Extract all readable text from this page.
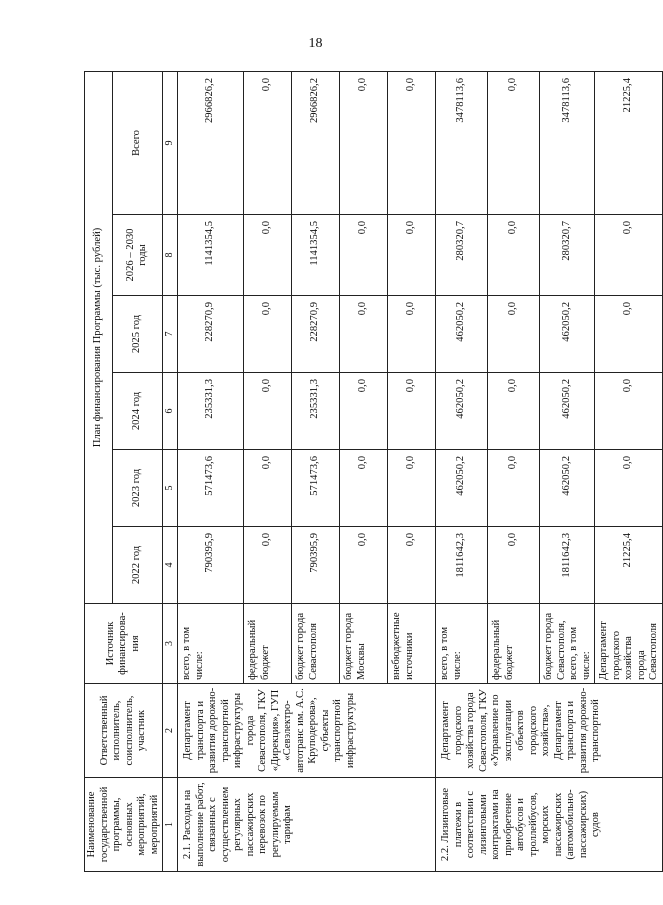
18
Наименование государственной программы, основных мероприятий, мероприятий	Ответственный исполнитель, соисполнитель, участник	Источник финансирова-ния	План финансирования Программы (тыс. рублей)					
			2022 год	2023 год	2024 год	2025 год	2026 – 2030 годы	Всего
1	2	3	4	5	6	7	8	9
2.1. Расходы на выполнение работ, связанных с осуществлением регулярных пассажирских перевозок по регулируемым тарифам	Департамент транспорта и развития дорожно-транспортной инфраструктуры города Севастополя, ГКУ «Дирекция», ГУП «Севэлектро-автотранс им. А.С. Круподерова», субъекты транспортной инфраструктуры	всего, в том числе:	790395,9	571473,6	235331,3	228270,9	1141354,5	2966826,2
		федеральный бюджет	0,0	0,0	0,0	0,0	0,0	0,0
		бюджет города Севастополя	790395,9	571473,6	235331,3	228270,9	1141354,5	2966826,2
		бюджет города Москвы	0,0	0,0	0,0	0,0	0,0	0,0
		внебюджетные источники	0,0	0,0	0,0	0,0	0,0	0,0
2.2. Лизинговые платежи в соответствии с лизинговыми контрактами на приобретение автобусов и троллейбусов, морских пассажирских (автомобильно-пассажирских) судов	Департамент городского хозяйства города Севастополя, ГКУ «Управление по эксплуатации объектов городского хозяйства», Департамент транспорта и развития дорожно-транспортной	всего, в том числе:	1811642,3	462050,2	462050,2	462050,2	280320,7	3478113,6
		федеральный бюджет	0,0	0,0	0,0	0,0	0,0	0,0
		бюджет города Севастополя, всего, в том числе:	1811642,3	462050,2	462050,2	462050,2	280320,7	3478113,6
		Департамент городского хозяйства города Севастополя	21225,4	0,0	0,0	0,0	0,0	21225,4
